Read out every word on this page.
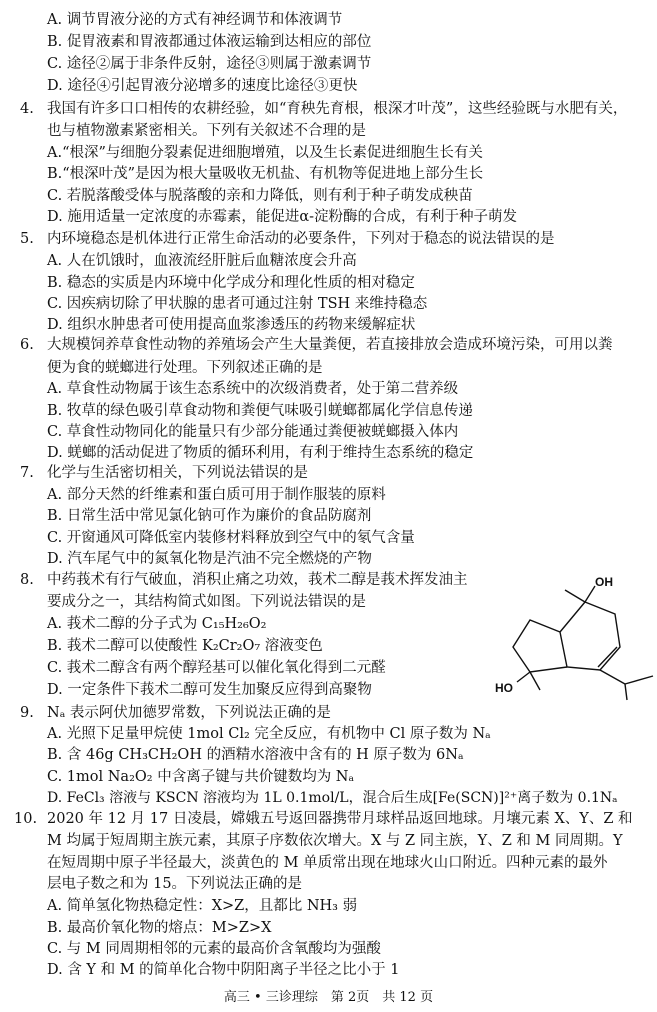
4.
5.
6.
7.
8.
9.
10.
A. 调节胃液分泌的方式有神经调节和体液调节
B. 促胃液素和胃液都通过体液运输到达相应的部位
C. 途径②属于非条件反射，途径③则属于激素调节
D. 途径④引起胃液分泌增多的速度比途径③更快
我国有许多口口相传的农耕经验，如“育秧先育根，根深才叶茂”，这些经验既与水肥有关，
也与植物激素紧密相关。下列有关叙述不合理的是
A.“根深”与细胞分裂素促进细胞增殖，以及生长素促进细胞生长有关
B.“根深叶茂”是因为根大量吸收无机盐、有机物等促进地上部分生长
C. 若脱落酸受体与脱落酸的亲和力降低，则有利于种子萌发成秧苗
D. 施用适量一定浓度的赤霉素，能促进α-淀粉酶的合成，有利于种子萌发
内环境稳态是机体进行正常生命活动的必要条件，下列对于稳态的说法错误的是
A. 人在饥饿时，血液流经肝脏后血糖浓度会升高
B. 稳态的实质是内环境中化学成分和理化性质的相对稳定
C. 因疾病切除了甲状腺的患者可通过注射 TSH 来维持稳态
D. 组织水肿患者可使用提高血浆渗透压的药物来缓解症状
大规模饲养草食性动物的养殖场会产生大量粪便，若直接排放会造成环境污染，可用以粪
便为食的蜣螂进行处理。下列叙述正确的是
A. 草食性动物属于该生态系统中的次级消费者，处于第二营养级
B. 牧草的绿色吸引草食动物和粪便气味吸引蜣螂都属化学信息传递
C. 草食性动物同化的能量只有少部分能通过粪便被蜣螂摄入体内
D. 蜣螂的活动促进了物质的循环利用，有利于维持生态系统的稳定
化学与生活密切相关，下列说法错误的是
A. 部分天然的纤维素和蛋白质可用于制作服装的原料
B. 日常生活中常见氯化钠可作为廉价的食品防腐剂
C. 开窗通风可降低室内装修材料释放到空气中的氡气含量
D. 汽车尾气中的氮氧化物是汽油不完全燃烧的产物
中药莪术有行气破血，消积止痛之功效，莪术二醇是莪术挥发油主
要成分之一，其结构简式如图。下列说法错误的是
A. 莪术二醇的分子式为 C₁₅H₂₆O₂
B. 莪术二醇可以使酸性 K₂Cr₂O₇ 溶液变色
C. 莪术二醇含有两个醇羟基可以催化氧化得到二元醛
D. 一定条件下莪术二醇可发生加聚反应得到高聚物
Nₐ 表示阿伏加德罗常数，下列说法正确的是
A. 光照下足量甲烷使 1mol Cl₂ 完全反应，有机物中 Cl 原子数为 Nₐ
B. 含 46g CH₃CH₂OH 的酒精水溶液中含有的 H 原子数为 6Nₐ
C. 1mol Na₂O₂ 中含离子键与共价键数均为 Nₐ
D. FeCl₃ 溶液与 KSCN 溶液均为 1L 0.1mol/L，混合后生成[Fe(SCN)]²⁺离子数为 0.1Nₐ
2020 年 12 月 17 日凌晨，嫦娥五号返回器携带月球样品返回地球。月壤元素 X、Y、Z 和
M 均属于短周期主族元素，其原子序数依次增大。X 与 Z 同主族，Y、Z 和 M 同周期。Y
在短周期中原子半径最大，淡黄色的 M 单质常出现在地球火山口附近。四种元素的最外
层电子数之和为 15。下列说法正确的是
A. 简单氢化物热稳定性：X>Z，且都比 NH₃ 弱
B. 最高价氧化物的熔点：M>Z>X
C. 与 M 同周期相邻的元素的最高价含氧酸均为强酸
D. 含 Y 和 M 的简单化合物中阴阳离子半径之比小于 1
OH
HO
高三 • 三诊理综　第 2页　共 12 页
